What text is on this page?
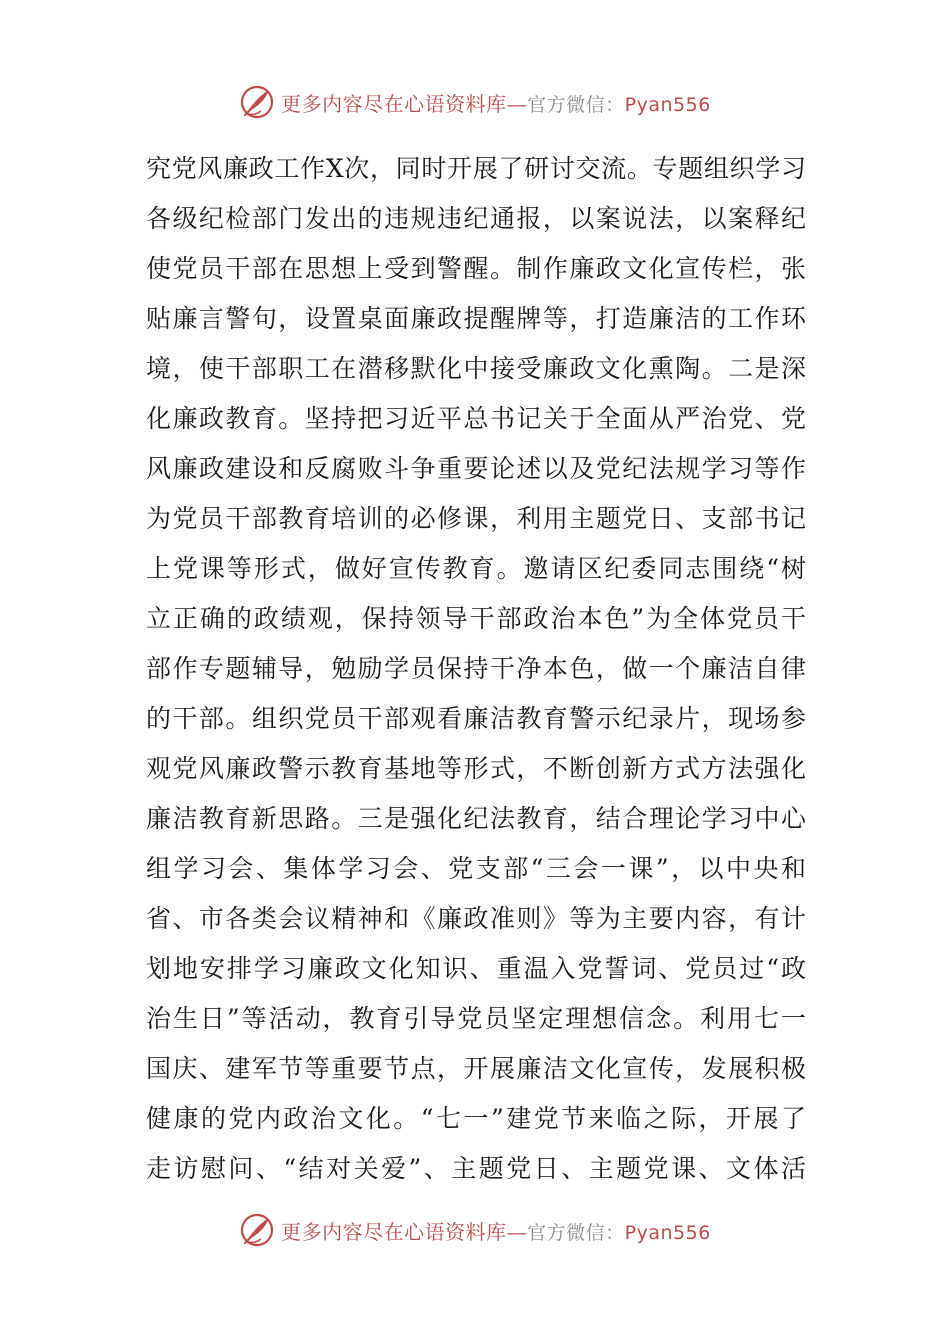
更多内容尽在心语资料库—官方微信：Pyan556
究党风廉政工作X次，同时开展了研讨交流。专题组织学习
各级纪检部门发出的违规违纪通报，以案说法，以案释纪
使党员干部在思想上受到警醒。制作廉政文化宣传栏，张
贴廉言警句，设置桌面廉政提醒牌等，打造廉洁的工作环
境，使干部职工在潜移默化中接受廉政文化熏陶。二是深
化廉政教育。坚持把习近平总书记关于全面从严治党、党
风廉政建设和反腐败斗争重要论述以及党纪法规学习等作
为党员干部教育培训的必修课，利用主题党日、支部书记
上党课等形式，做好宣传教育。邀请区纪委同志围绕“树
立正确的政绩观，保持领导干部政治本色”为全体党员干
部作专题辅导，勉励学员保持干净本色，做一个廉洁自律
的干部。组织党员干部观看廉洁教育警示纪录片，现场参
观党风廉政警示教育基地等形式，不断创新方式方法强化
廉洁教育新思路。三是强化纪法教育，结合理论学习中心
组学习会、集体学习会、党支部“三会一课”，以中央和
省、市各类会议精神和《廉政准则》等为主要内容，有计
划地安排学习廉政文化知识、重温入党誓词、党员过“政
治生日”等活动，教育引导党员坚定理想信念。利用七一
国庆、建军节等重要节点，开展廉洁文化宣传，发展积极
健康的党内政治文化。“七一”建党节来临之际，开展了
走访慰问、“结对关爱”、主题党日、主题党课、文体活
更多内容尽在心语资料库—官方微信：Pyan556
